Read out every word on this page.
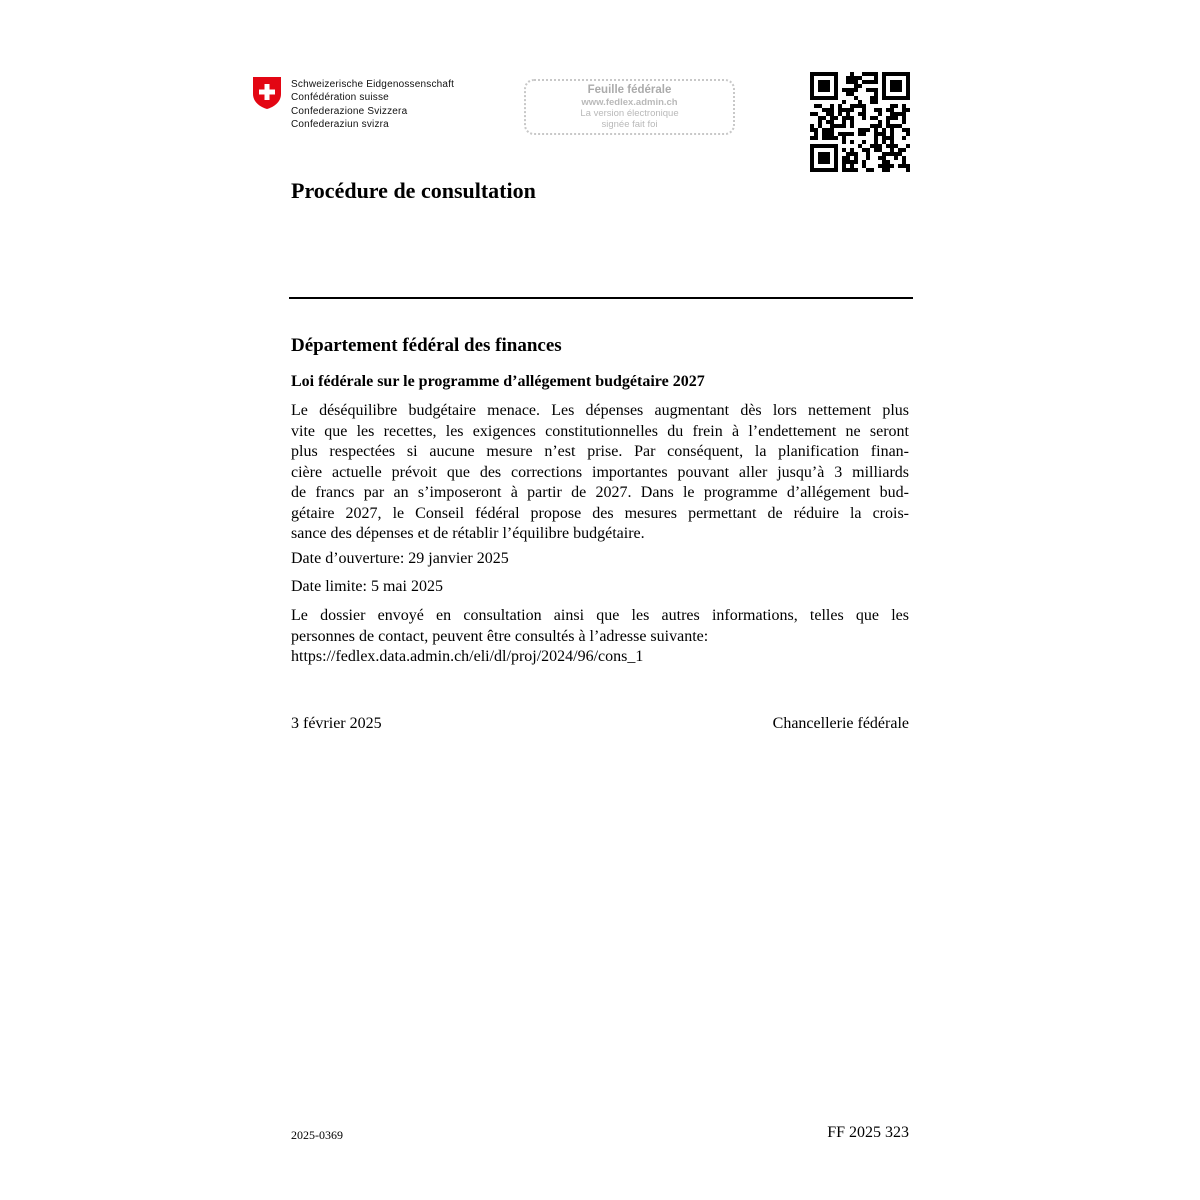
Schweizerische Eidgenossenschaft
Confédération suisse
Confederazione Svizzera
Confederaziun svizra
Feuille fédérale
www.fedlex.admin.ch
La version électronique
signée fait foi
Procédure de consultation
Département fédéral des finances
Loi fédérale sur le programme d’allégement budgétaire 2027
Le déséquilibre budgétaire menace. Les dépenses augmentant dès lors nettement plus
vite que les recettes, les exigences constitutionnelles du frein à l’endettement ne seront
plus respectées si aucune mesure n’est prise. Par conséquent, la planification finan-
cière actuelle prévoit que des corrections importantes pouvant aller jusqu’à 3 milliards
de francs par an s’imposeront à partir de 2027. Dans le programme d’allégement bud-
gétaire 2027, le Conseil fédéral propose des mesures permettant de réduire la crois-
sance des dépenses et de rétablir l’équilibre budgétaire.
Date d’ouverture: 29 janvier 2025
Date limite: 5 mai 2025
Le dossier envoyé en consultation ainsi que les autres informations, telles que les
personnes de contact, peuvent être consultés à l’adresse suivante:
https://fedlex.data.admin.ch/eli/dl/proj/2024/96/cons_1
3 février 2025	Chancellerie fédérale
2025-0369	FF 2025 323
